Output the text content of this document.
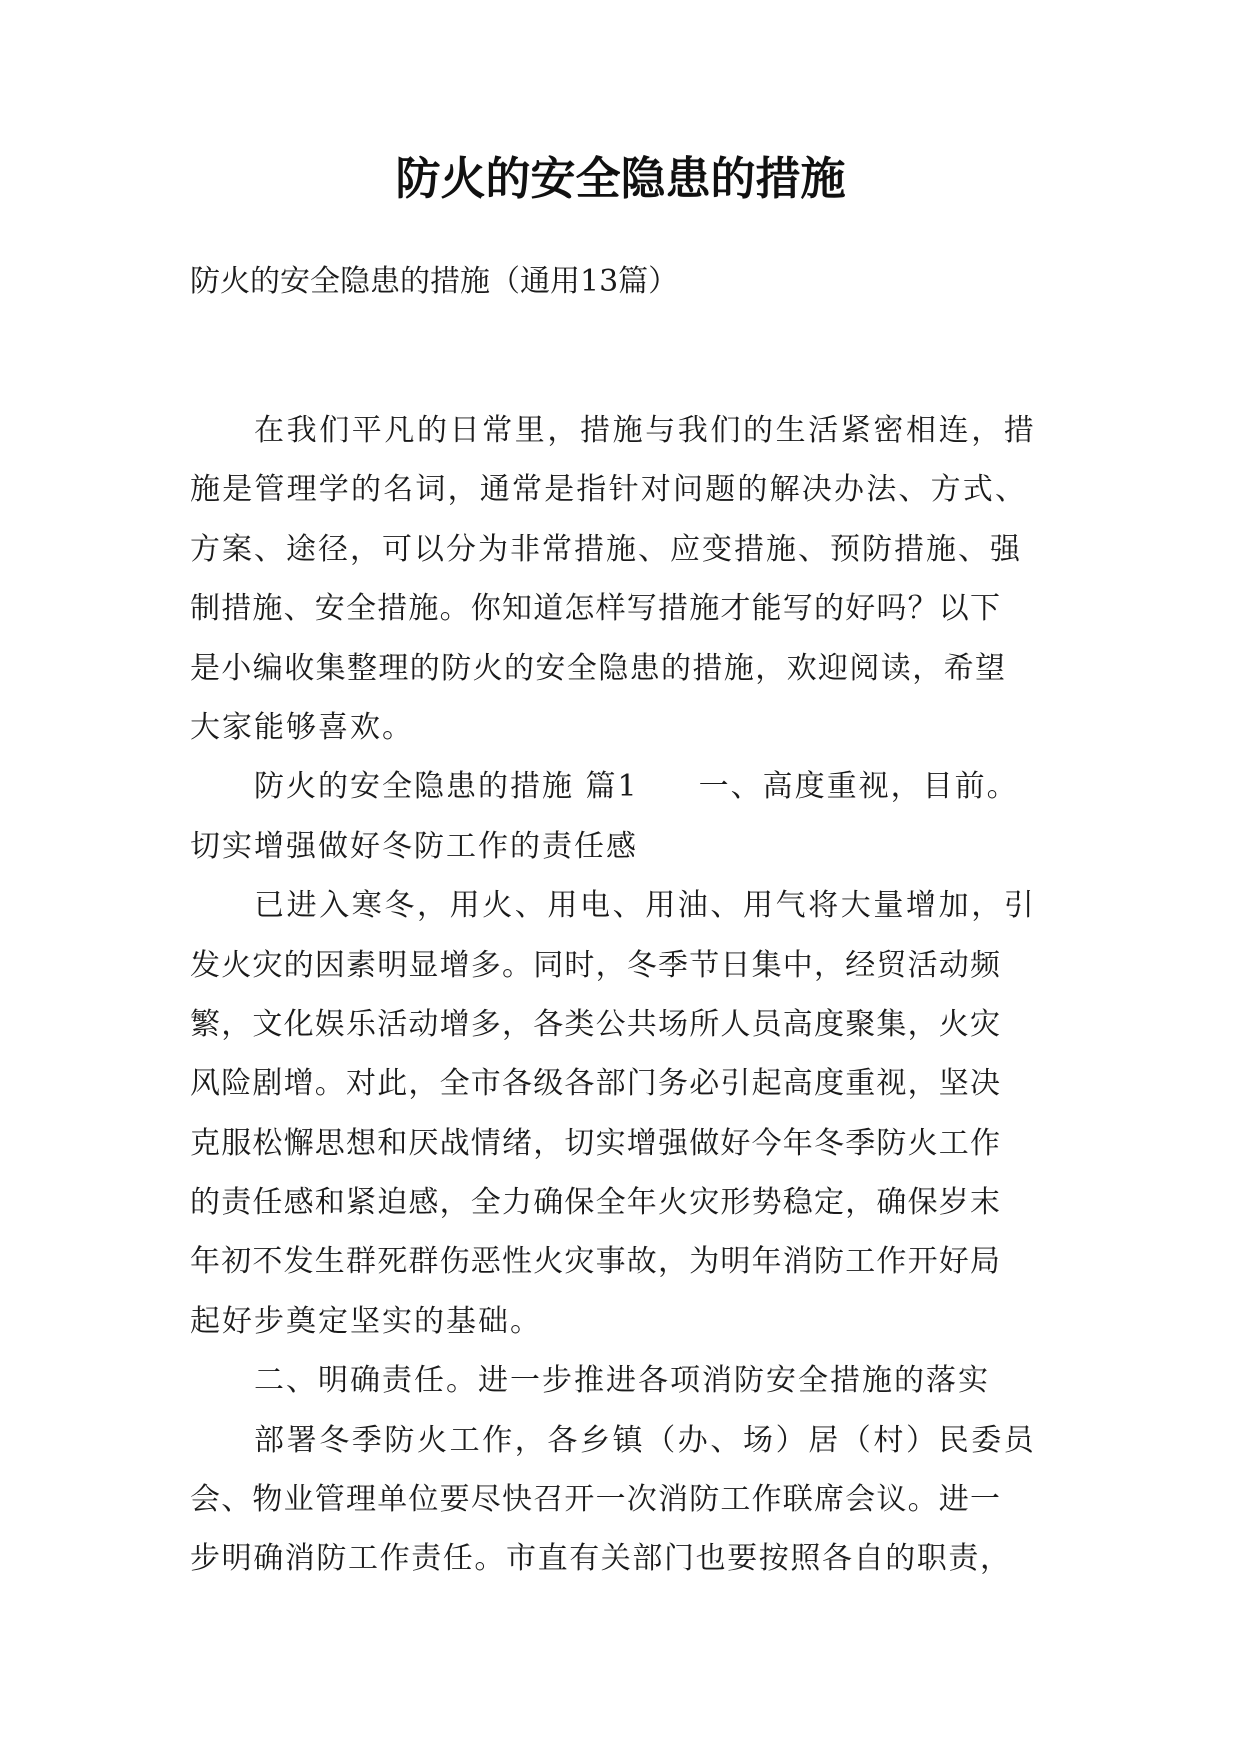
防火的安全隐患的措施

防火的安全隐患的措施（通用13篇）

在我们平凡的日常里，措施与我们的生活紧密相连，措
施是管理学的名词，通常是指针对问题的解决办法、方式、
方案、途径，可以分为非常措施、应变措施、预防措施、强
制措施、安全措施。你知道怎样写措施才能写的好吗？以下
是小编收集整理的防火的安全隐患的措施，欢迎阅读，希望
大家能够喜欢。
防火的安全隐患的措施 篇1 一、高度重视，目前。
切实增强做好冬防工作的责任感
已进入寒冬，用火、用电、用油、用气将大量增加，引
发火灾的因素明显增多。同时，冬季节日集中，经贸活动频
繁，文化娱乐活动增多，各类公共场所人员高度聚集，火灾
风险剧增。对此，全市各级各部门务必引起高度重视，坚决
克服松懈思想和厌战情绪，切实增强做好今年冬季防火工作
的责任感和紧迫感，全力确保全年火灾形势稳定，确保岁末
年初不发生群死群伤恶性火灾事故，为明年消防工作开好局
起好步奠定坚实的基础。
二、明确责任。进一步推进各项消防安全措施的落实
部署冬季防火工作，各乡镇（办、场）居（村）民委员
会、物业管理单位要尽快召开一次消防工作联席会议。进一
步明确消防工作责任。市直有关部门也要按照各自的职责，
